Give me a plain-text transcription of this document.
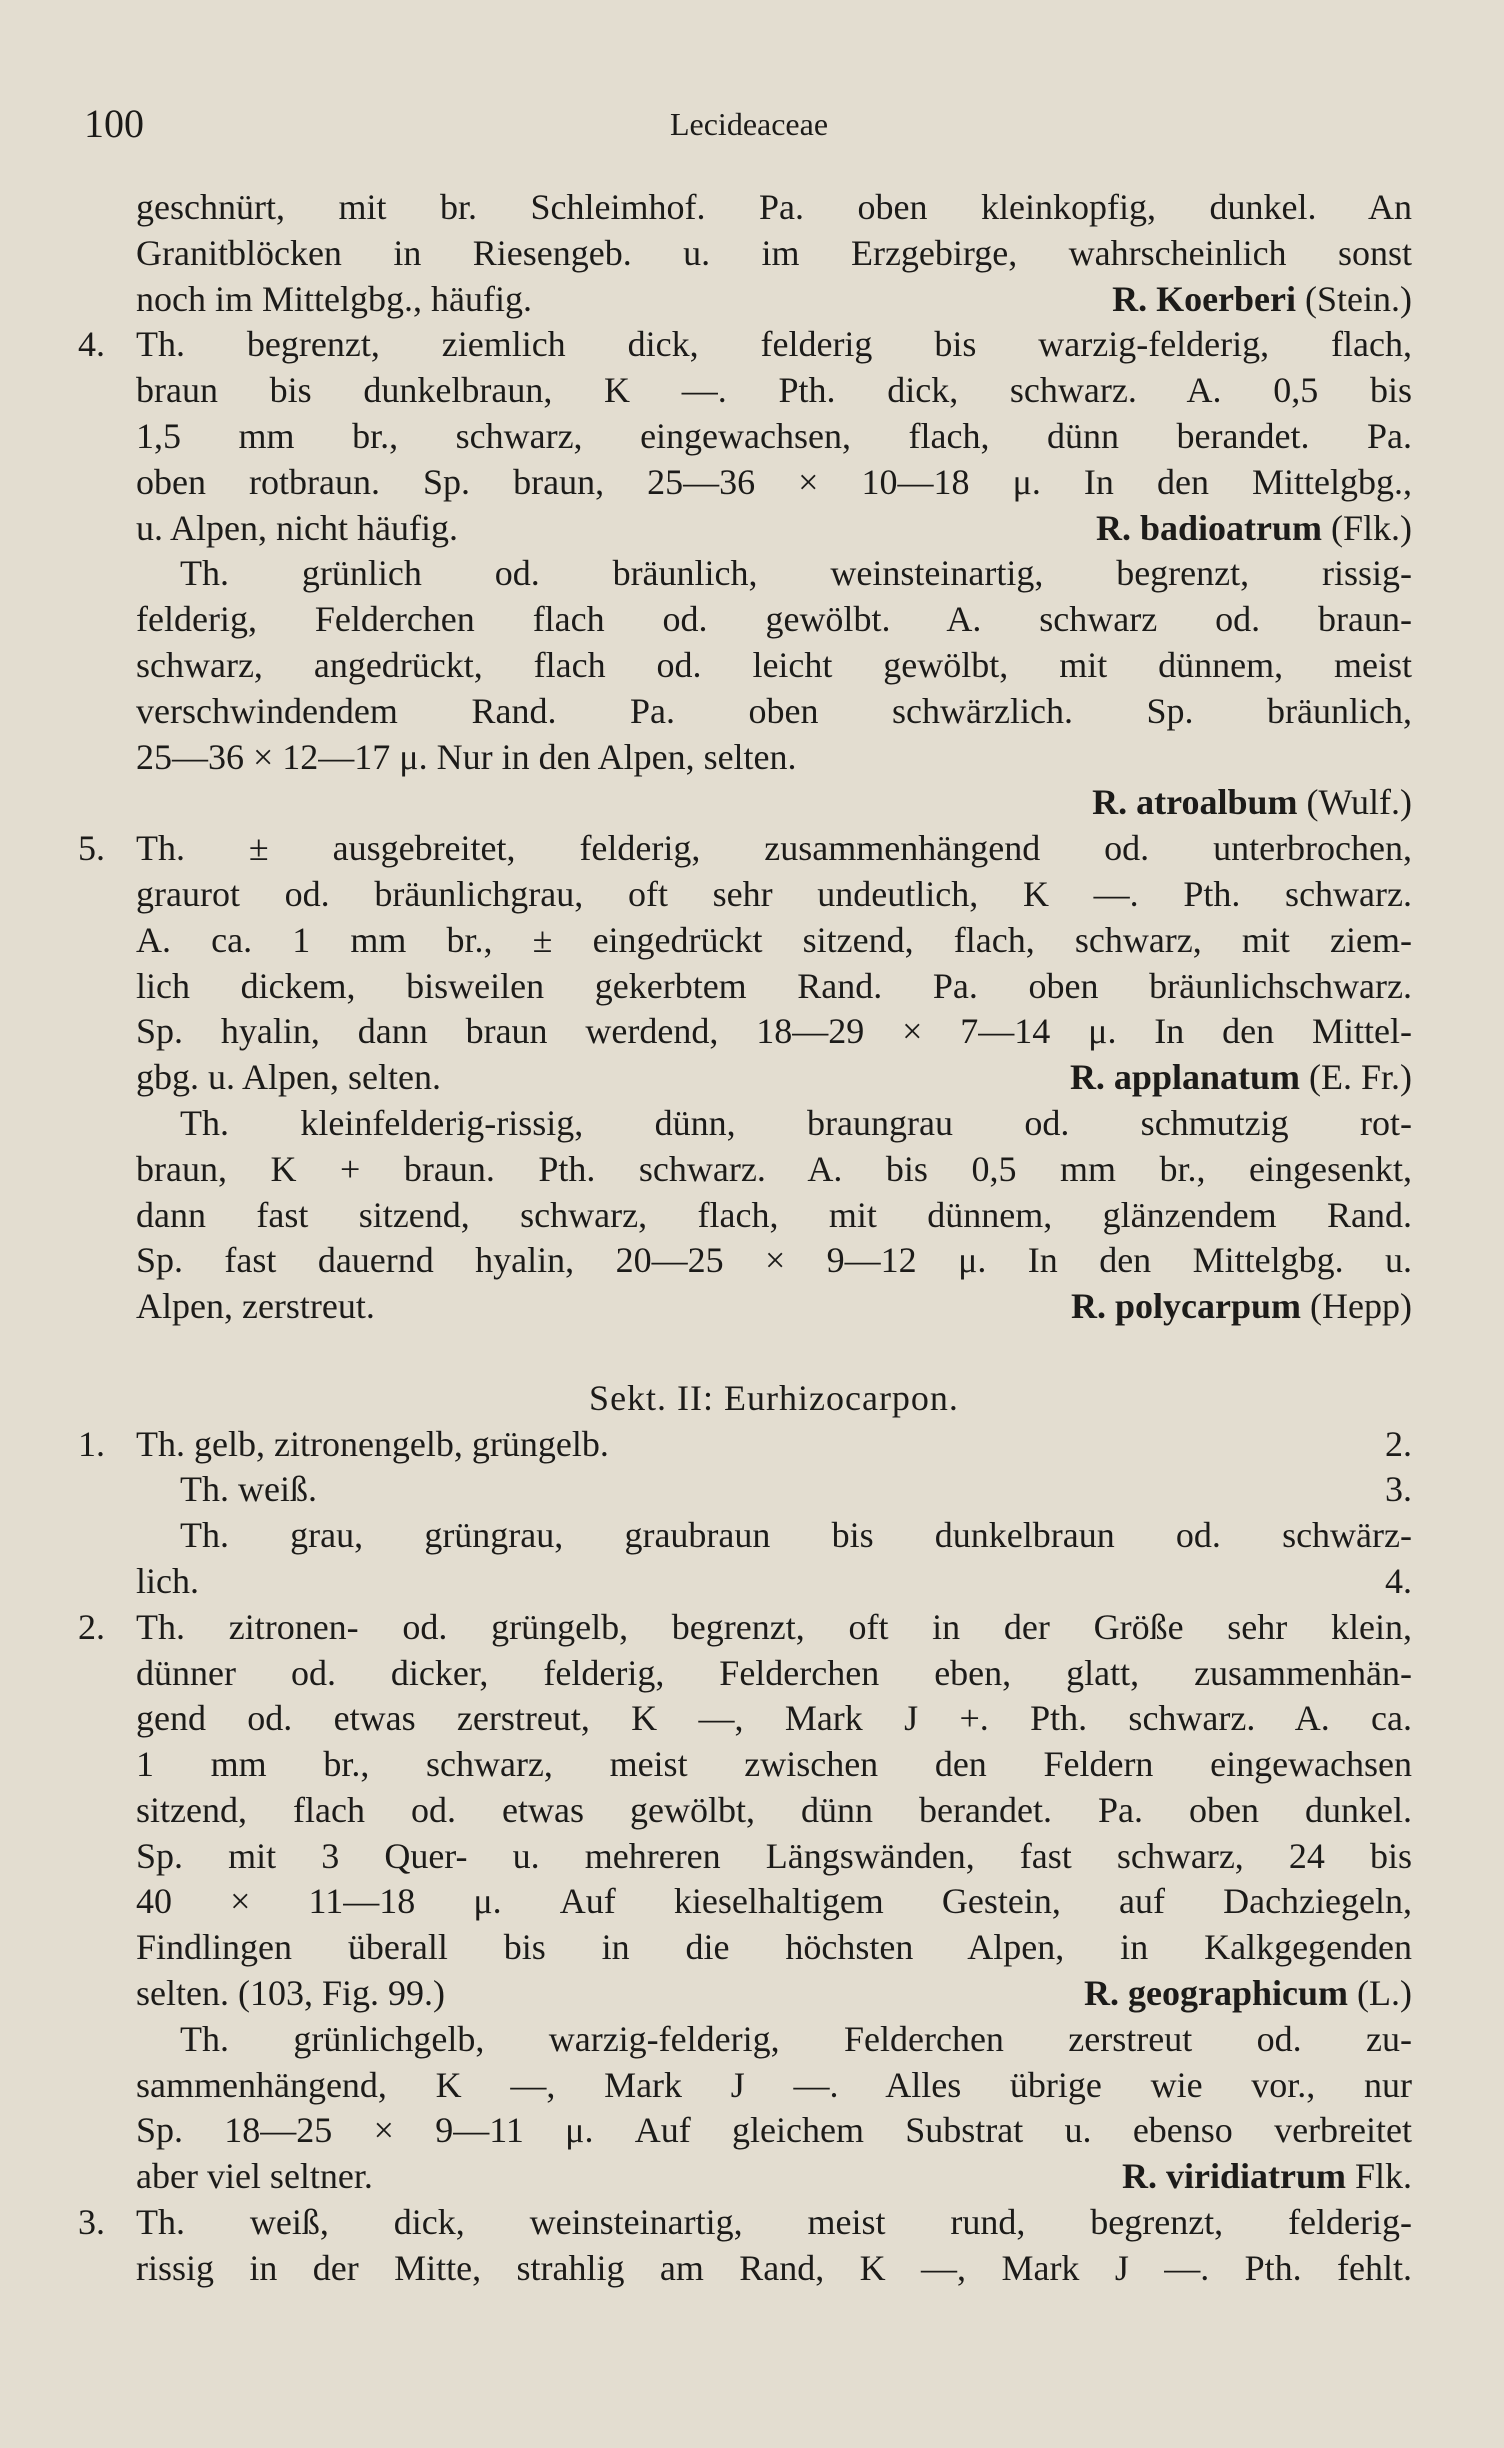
100	Lecideaceae
geschnürt, mit br. Schleimhof. Pa. oben kleinkopfig, dunkel. An
Granitblöcken in Riesengeb. u. im Erzgebirge, wahrscheinlich sonst
noch im Mittelgbg., häufig.	R. Koerberi (Stein.)
4. Th. begrenzt, ziemlich dick, felderig bis warzig-felderig, flach,
braun bis dunkelbraun, K —. Pth. dick, schwarz. A. 0,5 bis
1,5 mm br., schwarz, eingewachsen, flach, dünn berandet. Pa.
oben rotbraun. Sp. braun, 25—36 × 10—18 μ. In den Mittelgbg.,
u. Alpen, nicht häufig.	R. badioatrum (Flk.)
Th. grünlich od. bräunlich, weinsteinartig, begrenzt, rissig-
felderig, Felderchen flach od. gewölbt. A. schwarz od. braun-
schwarz, angedrückt, flach od. leicht gewölbt, mit dünnem, meist
verschwindendem Rand. Pa. oben schwärzlich. Sp. bräunlich,
25—36 × 12—17 μ. Nur in den Alpen, selten.
R. atroalbum (Wulf.)
5. Th. ± ausgebreitet, felderig, zusammenhängend od. unterbrochen,
graurot od. bräunlichgrau, oft sehr undeutlich, K —. Pth. schwarz.
A. ca. 1 mm br., ± eingedrückt sitzend, flach, schwarz, mit ziem-
lich dickem, bisweilen gekerbtem Rand. Pa. oben bräunlichschwarz.
Sp. hyalin, dann braun werdend, 18—29 × 7—14 μ. In den Mittel-
gbg. u. Alpen, selten.	R. applanatum (E. Fr.)
Th. kleinfelderig-rissig, dünn, braungrau od. schmutzig rot-
braun, K + braun. Pth. schwarz. A. bis 0,5 mm br., eingesenkt,
dann fast sitzend, schwarz, flach, mit dünnem, glänzendem Rand.
Sp. fast dauernd hyalin, 20—25 × 9—12 μ. In den Mittelgbg. u.
Alpen, zerstreut.	R. polycarpum (Hepp)
Sekt. II: Eurhizocarpon.
1. Th. gelb, zitronengelb, grüngelb.	2.
Th. weiß.	3.
Th. grau, grüngrau, graubraun bis dunkelbraun od. schwärz-
lich.	4.
2. Th. zitronen- od. grüngelb, begrenzt, oft in der Größe sehr klein,
dünner od. dicker, felderig, Felderchen eben, glatt, zusammenhän-
gend od. etwas zerstreut, K —, Mark J +. Pth. schwarz. A. ca.
1 mm br., schwarz, meist zwischen den Feldern eingewachsen
sitzend, flach od. etwas gewölbt, dünn berandet. Pa. oben dunkel.
Sp. mit 3 Quer- u. mehreren Längswänden, fast schwarz, 24 bis
40 × 11—18 μ. Auf kieselhaltigem Gestein, auf Dachziegeln,
Findlingen überall bis in die höchsten Alpen, in Kalkgegenden
selten. (103, Fig. 99.)	R. geographicum (L.)
Th. grünlichgelb, warzig-felderig, Felderchen zerstreut od. zu-
sammenhängend, K —, Mark J —. Alles übrige wie vor., nur
Sp. 18—25 × 9—11 μ. Auf gleichem Substrat u. ebenso verbreitet
aber viel seltner.	R. viridiatrum Flk.
3. Th. weiß, dick, weinsteinartig, meist rund, begrenzt, felderig-
rissig in der Mitte, strahlig am Rand, K —, Mark J —. Pth. fehlt.
